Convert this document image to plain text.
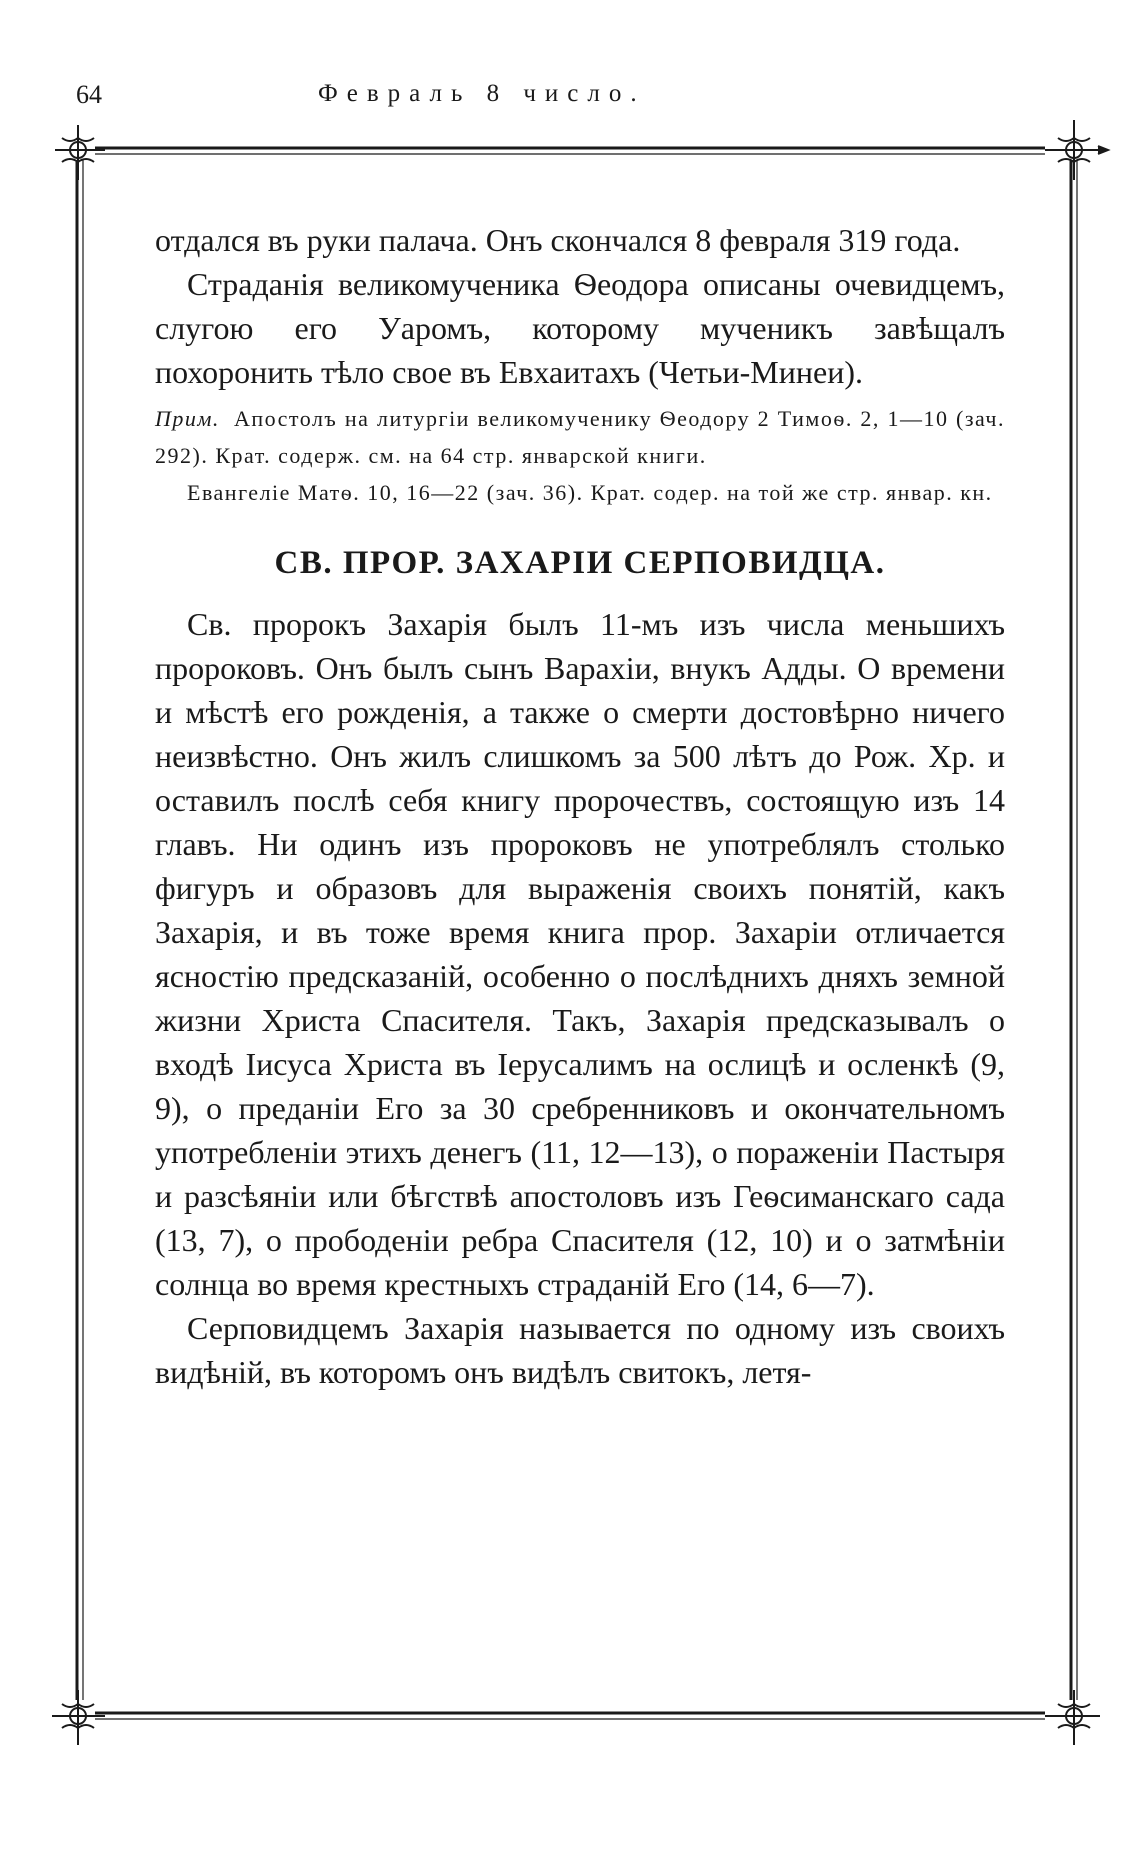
64	Февраль 8 число.

отдался въ руки палача. Онъ скончался 8 февраля 319 года.

Страданія великомученика Ѳеодора описаны очевидцемъ, слугою его Уаромъ, которому мученикъ завѣщалъ похоронить тѣло свое въ Евхаитахъ (Четьи-Минеи).

Прим. Апостолъ на литургіи великомученику Ѳеодору 2 Тимоѳ. 2, 1—10 (зач. 292). Крат. содерж. см. на 64 стр. январской книги.

Евангеліе Матѳ. 10, 16—22 (зач. 36). Крат. содер. на той же стр. январ. кн.

СВ. ПРОР. ЗАХАРІИ СЕРПОВИДЦА.

Св. пророкъ Захарія былъ 11-мъ изъ числа меньшихъ пророковъ. Онъ былъ сынъ Варахіи, внукъ Адды. О времени и мѣстѣ его рожденія, а также о смерти достовѣрно ничего неизвѣстно. Онъ жилъ слишкомъ за 500 лѣтъ до Рож. Хр. и оставилъ послѣ себя книгу пророчествъ, состоящую изъ 14 главъ. Ни одинъ изъ пророковъ не употреблялъ столько фигуръ и образовъ для выраженія своихъ понятій, какъ Захарія, и въ тоже время книга прор. Захаріи отличается ясностію предсказаній, особенно о послѣднихъ дняхъ земной жизни Христа Спасителя. Такъ, Захарія предсказывалъ о входѣ Іисуса Христа въ Іерусалимъ на ослицѣ и осленкѣ (9, 9), о преданіи Его за 30 сребренниковъ и окончательномъ употребленіи этихъ денегъ (11, 12—13), о пораженіи Пастыря и разсѣяніи или бѣгствѣ апостоловъ изъ Геѳсиманскаго сада (13, 7), о прободеніи ребра Спасителя (12, 10) и о затмѣніи солнца во время крестныхъ страданій Его (14, 6—7).

Серповидцемъ Захарія называется по одному изъ своихъ видѣній, въ которомъ онъ видѣлъ свитокъ, летя-
